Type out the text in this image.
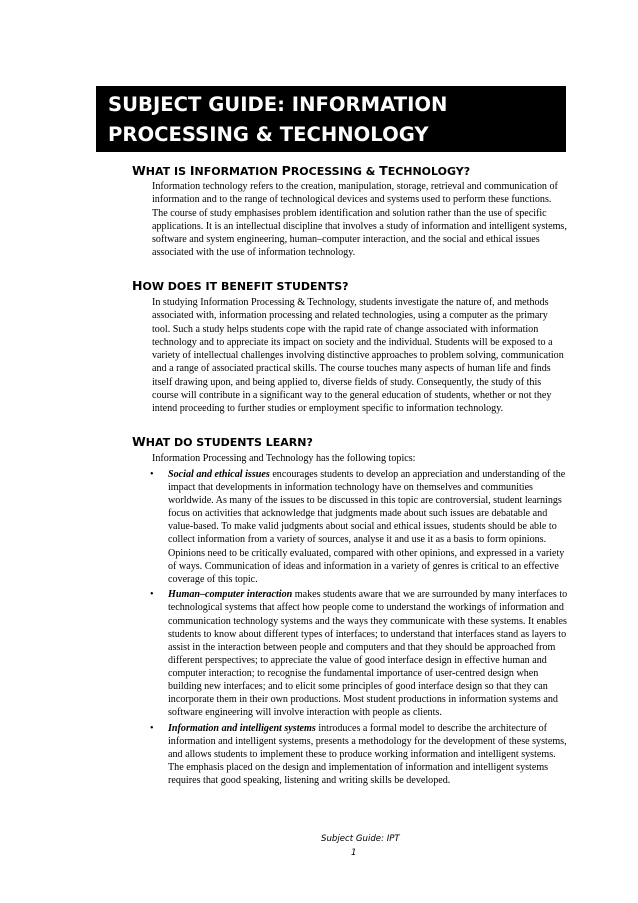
SUBJECT GUIDE: INFORMATION
PROCESSING & TECHNOLOGY
WHAT IS INFORMATION PROCESSING & TECHNOLOGY?
Information technology refers to the creation, manipulation, storage, retrieval and communication of information and to the range of technological devices and systems used to perform these functions. The course of study emphasises problem identification and solution rather than the use of specific applications. It is an intellectual discipline that involves a study of information and intelligent systems, software and system engineering, human–computer interaction, and the social and ethical issues associated with the use of information technology.
HOW DOES IT BENEFIT STUDENTS?
In studying Information Processing & Technology, students investigate the nature of, and methods associated with, information processing and related technologies, using a computer as the primary tool. Such a study helps students cope with the rapid rate of change associated with information technology and to appreciate its impact on society and the individual. Students will be exposed to a variety of intellectual challenges involving distinctive approaches to problem solving, communication and a range of associated practical skills. The course touches many aspects of human life and finds itself drawing upon, and being applied to, diverse fields of study. Consequently, the study of this course will contribute in a significant way to the general education of students, whether or not they intend proceeding to further studies or employment specific to information technology.
WHAT DO STUDENTS LEARN?
Information Processing and Technology has the following topics:
• Social and ethical issues encourages students to develop an appreciation and understanding of the impact that developments in information technology have on themselves and communities worldwide. As many of the issues to be discussed in this topic are controversial, student learnings focus on activities that acknowledge that judgments made about such issues are debatable and value-based. To make valid judgments about social and ethical issues, students should be able to collect information from a variety of sources, analyse it and use it as a basis to form opinions. Opinions need to be critically evaluated, compared with other opinions, and expressed in a variety of ways. Communication of ideas and information in a variety of genres is critical to an effective coverage of this topic.
• Human–computer interaction makes students aware that we are surrounded by many interfaces to technological systems that affect how people come to understand the workings of information and communication technology systems and the ways they communicate with these systems. It enables students to know about different types of interfaces; to understand that interfaces stand as layers to assist in the interaction between people and computers and that they should be approached from different perspectives; to appreciate the value of good interface design in effective human and computer interaction; to recognise the fundamental importance of user-centred design when building new interfaces; and to elicit some principles of good interface design so that they can incorporate them in their own productions. Most student productions in information systems and software engineering will involve interaction with people as clients.
• Information and intelligent systems introduces a formal model to describe the architecture of information and intelligent systems, presents a methodology for the development of these systems, and allows students to implement these to produce working information and intelligent systems. The emphasis placed on the design and implementation of information and intelligent systems requires that good speaking, listening and writing skills be developed.
Subject Guide: IPT
1
